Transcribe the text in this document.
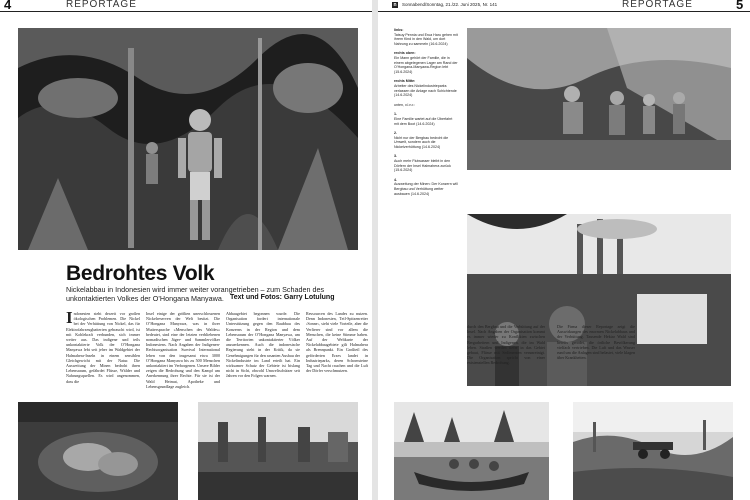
4	REPORTAGE
Bedrohtes Volk
Nickelabbau in Indonesien wird immer weiter vorangetrieben – zum Schaden des unkontaktierten Volkes der O’Hongana Manyawa. Text und Fotos: Garry Lotulung
Indonesien steht derzeit vor großen ökologischen Problemen. Die Nickel bei der Verhüttung von Nickel, das für Elektrofahrzeugbatterien gebraucht wird, ist mit Kohlekraft verbunden, sich immer weiter aus. Das indigene und teils unkontaktierte Volk der O’Hongana Manyawa lebt seit jeher im Waldgebiet der Halmahera-Inseln in einem sensiblen Gleichgewicht mit der Natur. Die Ausweitung der Minen bedroht ihren Lebensraum, gefährdet Flüsse, Wälder und Nahrungsquellen. Es wird angenommen, dass die
Insel einige der größten unerschlossenen Nickelreserven der Welt besitzt. Die O’Hongana Manyawa, was in ihrer Muttersprache »Menschen des Waldes« bedeutet, sind eine der letzten verbliebenen nomadischen Jäger- und Sammlervölker Indonesiens. Nach Angaben der Indigenen-Rechtsorganisation Survival International leben von den insgesamt etwa 3000 O’Hongana Manyawa bis zu 500 Menschen unkontaktiert im Verborgenen. Unsere Bilder zeigen die Bedrohung und den Kampf um Anerkennung ihrer Rechte. Für sie ist der Wald Heimat, Apotheke und Lebensgrundlage zugleich.
Abbaugebiet begonnen wurde. Die Organisation fordert internationale Unterstützung gegen den Raubbau des Konzerns in der Region und dem Lebensraum der O’Hongana Manyawa, um die Territorien unkontaktierter Völker anzuerkennen. Auch die indonesische Regierung steht in der Kritik, da sie Genehmigungen für den rasanten Ausbau der Nickelindustrie im Land erteilt hat. Ein wirksamer Schutz der Gebiete ist bislang nicht in Sicht, obwohl Umweltschützer seit Jahren vor den Folgen warnen.
Ressourcen des Landes zu nutzen. Denn Indonesien, Teil-Spitzenreiter ›Sonne‹, sieht viele Vorteile, aber die Verlierer sind vor allem die Menschen, die keine Stimme haben. Auf der Weltkarte der Nickelabbaugebiete gilt Halmahera als Brennpunkt. Ein Großteil des geförderten Erzes landet in Industrieparks, deren Schornsteine Tag und Nacht rauchen und die Luft der Dörfer verschmutzen.
n	Sonnabend/Sonntag, 21./22. Juni 2025, Nr. 141	REPORTAGE	5
links:
Tatsuy Pennia und Erua Haru gehen mit ihrem Kind in den Wald, um dort Nahrung zu sammeln (16.6.2024)
rechts oben:
Ein Mann gehört der Familie, die in einem abgelegenen Lager am Rand der O’Hongana-Manyawa-Region lebt (15.6.2024)
rechts Mitte:
Arbeiter des Nickelindustrieparks verlassen die Anlage nach Schichtende (14.6.2024)
unten, v.l.n.r.:
1.
Eine Familie wartet auf die Überfahrt mit dem Boot (14.6.2024)
2.
Nicht nur der Bergbau bedroht die Umwelt, sondern auch die Nickelverhüttung (14.6.2024)
3.
Auch mehr Flutwasser bleibt in den Dörfern der Insel Halmahera zurück (15.6.2024)
4.
Ausweitung der Minen: Der Konzern will Bergbau und Verhüttung weiter ausbauen (14.6.2024)
durch den Bergbau und die Verhüttung auf der Insel. Nach Angaben der Organisation kommt es immer wieder zu Konflikten zwischen Bergarbeitern und Indigenen, die im Wald leben. Straßen werden tiefer in das Gebiet gebaut, Flüsse mit Sedimenten verunreinigt. Die Organisation spricht von einer existenziellen Bedrohung.
Die Firma dieser Reportage zeigt die Auswirkungen des enormen Nickelabbaus und der Verhüttung. Tausende Hektar Wald sind bereits gerodet, die örtliche Bevölkerung vielfach vertrieben. Die Luft und das Wasser rund um die Anlagen sind belastet, viele klagen über Krankheiten.
